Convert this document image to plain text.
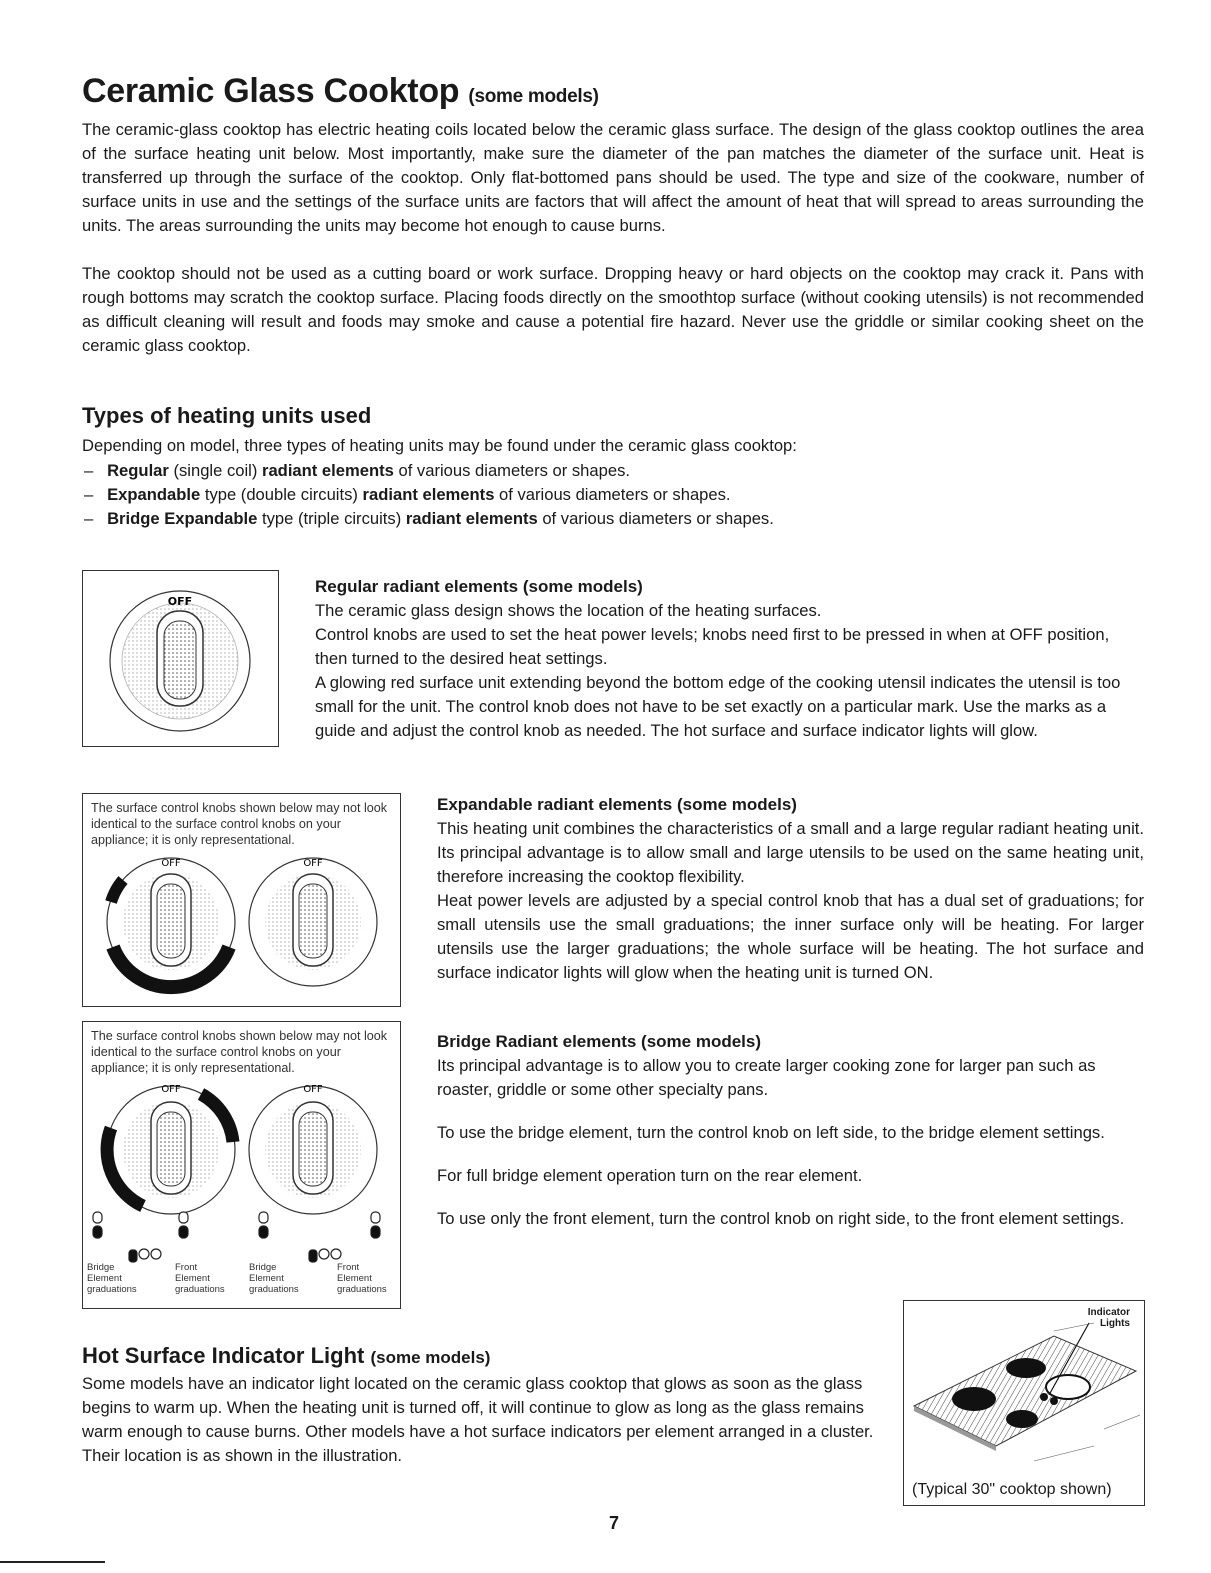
Ceramic Glass Cooktop (some models)

The ceramic-glass cooktop has electric heating coils located below the ceramic glass surface. The design of the glass cooktop outlines the area of the surface heating unit below. Most importantly, make sure the diameter of the pan matches the diameter of the surface unit. Heat is transferred up through the surface of the cooktop. Only flat-bottomed pans should be used. The type and size of the cookware, number of surface units in use and the settings of the surface units are factors that will affect the amount of heat that will spread to areas surrounding the units. The areas surrounding the units may become hot enough to cause burns.

The cooktop should not be used as a cutting board or work surface. Dropping heavy or hard objects on the cooktop may crack it. Pans with rough bottoms may scratch the cooktop surface. Placing foods directly on the smoothtop surface (without cooking utensils) is not recommended as difficult cleaning will result and foods may smoke and cause a potential fire hazard. Never use the griddle or similar cooking sheet on the ceramic glass cooktop.

Types of heating units used
Depending on model, three types of heating units may be found under the ceramic glass cooktop:
– Regular (single coil) radiant elements of various diameters or shapes.
– Expandable type (double circuits) radiant elements of various diameters or shapes.
– Bridge Expandable type (triple circuits) radiant elements of various diameters or shapes.
OFF
Regular radiant elements (some models)

The ceramic glass design shows the location of the heating surfaces.
Control knobs are used to set the heat power levels; knobs need first to be pressed in when at OFF position, then turned to the desired heat settings.
A glowing red surface unit extending beyond the bottom edge of the cooking utensil indicates the utensil is too small for the unit. The control knob does not have to be set exactly on a particular mark. Use the marks as a guide and adjust the control knob as needed. The hot surface and surface indicator lights will glow.

The surface control knobs shown below may not look identical to the surface control knobs on your appliance; it is only representational.
OFF	OFF
Expandable radiant elements (some models)

This heating unit combines the characteristics of a small and a large regular radiant heating unit. Its principal advantage is to allow small and large utensils to be used on the same heating unit, therefore increasing the cooktop flexibility.
Heat power levels are adjusted by a special control knob that has a dual set of graduations; for small utensils use the small graduations; the inner surface only will be heating. For larger utensils use the larger graduations; the whole surface will be heating. The hot surface and surface indicator lights will glow when the heating unit is turned ON.

The surface control knobs shown below may not look identical to the surface control knobs on your appliance; it is only representational.
OFF	OFF
Bridge
Element
graduations
Front
Element
graduations
Bridge
Element
graduations
Front
Element
graduations
Bridge Radiant elements (some models)

Its principal advantage is to allow you to create larger cooking zone for larger pan such as roaster, griddle or some other specialty pans.

To use the bridge element, turn the control knob on left side, to the bridge element settings.

For full bridge element operation turn on the rear element.

To use only the front element, turn the control knob on right side, to the front element settings.

Hot Surface Indicator Light (some models)

Some models have an indicator light located on the ceramic glass cooktop that glows as soon as the glass begins to warm up. When the heating unit is turned off, it will continue to glow as long as the glass remains warm enough to cause burns. Other models have a hot surface indicators per element arranged in a cluster. Their location is as shown in the illustration.

Indicator
Lights
(Typical 30" cooktop shown)
7
